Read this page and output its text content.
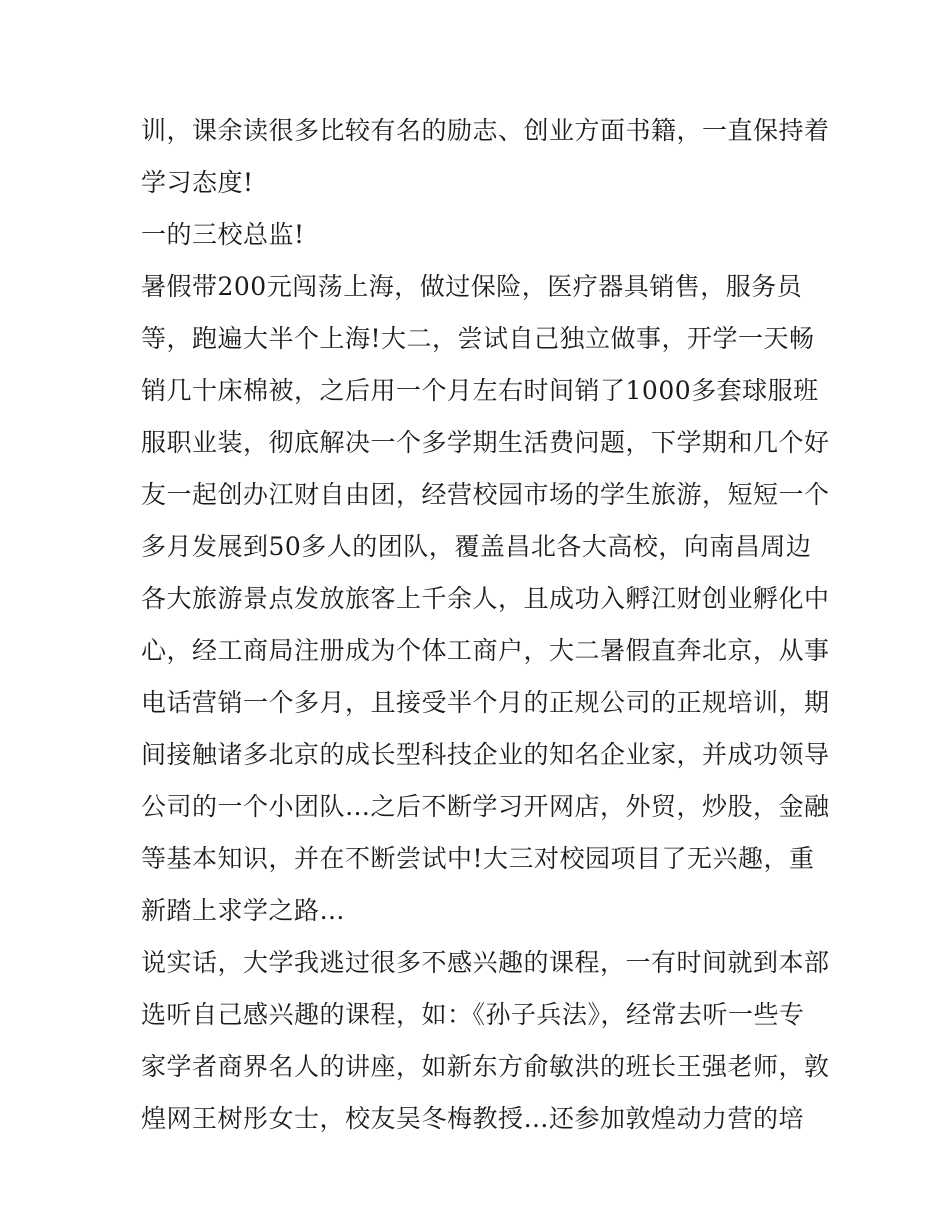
训，课余读很多比较有名的励志、创业方面书籍，一直保持着
学习态度!
一的三校总监!
暑假带200元闯荡上海，做过保险，医疗器具销售，服务员
等，跑遍大半个上海!大二，尝试自己独立做事，开学一天畅
销几十床棉被，之后用一个月左右时间销了1000多套球服班
服职业装，彻底解决一个多学期生活费问题，下学期和几个好
友一起创办江财自由团，经营校园市场的学生旅游，短短一个
多月发展到50多人的团队，覆盖昌北各大高校，向南昌周边
各大旅游景点发放旅客上千余人，且成功入孵江财创业孵化中
心，经工商局注册成为个体工商户，大二暑假直奔北京，从事
电话营销一个多月，且接受半个月的正规公司的正规培训，期
间接触诸多北京的成长型科技企业的知名企业家，并成功领导
公司的一个小团队…之后不断学习开网店，外贸，炒股，金融
等基本知识，并在不断尝试中!大三对校园项目了无兴趣，重
新踏上求学之路…
说实话，大学我逃过很多不感兴趣的课程，一有时间就到本部
选听自己感兴趣的课程，如：《孙子兵法》，经常去听一些专
家学者商界名人的讲座，如新东方俞敏洪的班长王强老师，敦
煌网王树彤女士，校友吴冬梅教授…还参加敦煌动力营的培
